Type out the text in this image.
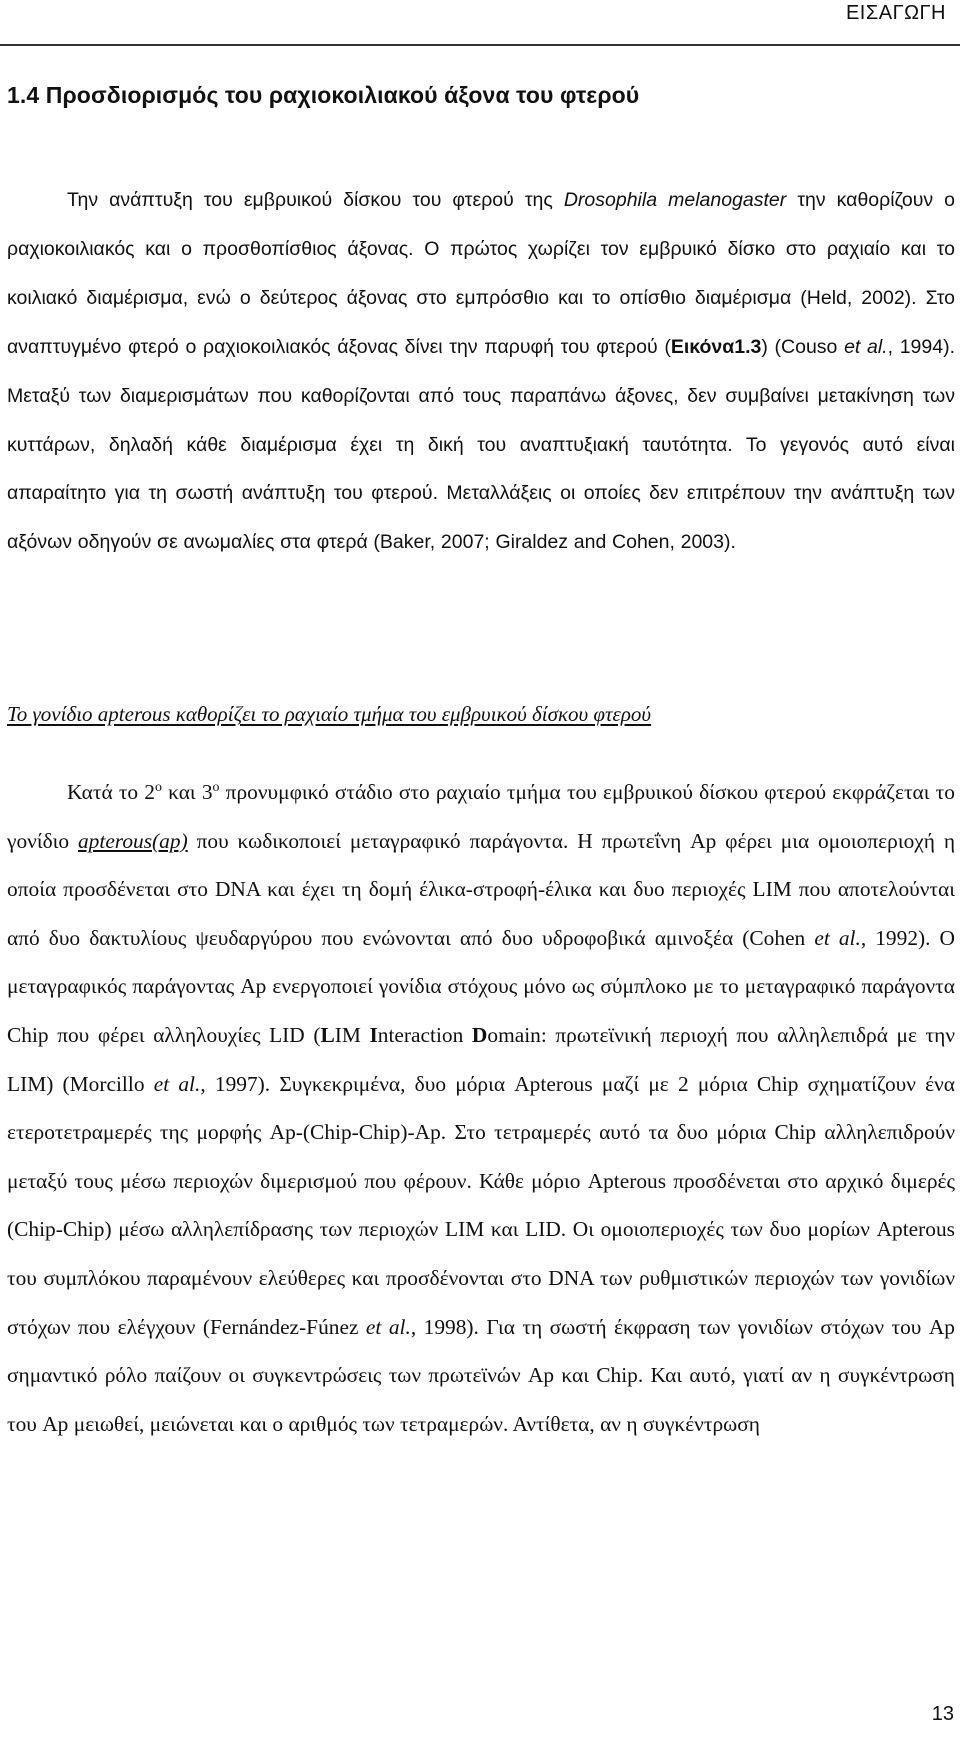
ΕΙΣΑΓΩΓΗ
1.4 Προσδιορισμός του ραχιοκοιλιακού άξονα του φτερού

Την ανάπτυξη του εμβρυικού δίσκου του φτερού της Drosophila melanogaster την καθορίζουν ο ραχιοκοιλιακός και ο προσθοπίσθιος άξονας. Ο πρώτος χωρίζει τον εμβρυικό δίσκο στο ραχιαίο και το κοιλιακό διαμέρισμα, ενώ ο δεύτερος άξονας στο εμπρόσθιο και το οπίσθιο διαμέρισμα (Held, 2002). Στο αναπτυγμένο φτερό ο ραχιοκοιλιακός άξονας δίνει την παρυφή του φτερού (Εικόνα1.3) (Couso et al., 1994). Μεταξύ των διαμερισμάτων που καθορίζονται από τους παραπάνω άξονες, δεν συμβαίνει μετακίνηση των κυττάρων, δηλαδή κάθε διαμέρισμα έχει τη δική του αναπτυξιακή ταυτότητα. Το γεγονός αυτό είναι απαραίτητο για τη σωστή ανάπτυξη του φτερού. Μεταλλάξεις οι οποίες δεν επιτρέπουν την ανάπτυξη των αξόνων οδηγούν σε ανωμαλίες στα φτερά (Baker, 2007; Giraldez and Cohen, 2003).

Το γονίδιο apterous καθορίζει το ραχιαίο τμήμα του εμβρυικού δίσκου φτερού

Κατά το $2^o$ και $3^o$ προνυμφικό στάδιο στο ραχιαίο τμήμα του εμβρυικού δίσκου φτερού εκφράζεται το γονίδιο apterous(ap) που κωδικοποιεί μεταγραφικό παράγοντα. Η πρωτεΐνη Ap φέρει μια ομοιοπεριοχή η οποία προσδένεται στο DNA και έχει τη δομή έλικα-στροφή-έλικα και δυο περιοχές LIM που αποτελούνται από δυο δακτυλίους ψευδαργύρου που ενώνονται από δυο υδροφοβικά αμινοξέα (Cohen et al., 1992). Ο μεταγραφικός παράγοντας Ap ενεργοποιεί γονίδια στόχους μόνο ως σύμπλοκο με το μεταγραφικό παράγοντα Chip που φέρει αλληλουχίες LID (LIM Interaction Domain: πρωτεϊνική περιοχή που αλληλεπιδρά με την LIM) (Morcillo et al., 1997). Συγκεκριμένα, δυο μόρια Apterous μαζί με 2 μόρια Chip σχηματίζουν ένα ετεροτετραμερές της μορφής Ap-(Chip-Chip)-Ap. Στο τετραμερές αυτό τα δυο μόρια Chip αλληλεπιδρούν μεταξύ τους μέσω περιοχών διμερισμού που φέρουν. Κάθε μόριο Apterous προσδένεται στο αρχικό διμερές (Chip-Chip) μέσω αλληλεπίδρασης των περιοχών LIM και LID. Οι ομοιοπεριοχές των δυο μορίων Apterous του συμπλόκου παραμένουν ελεύθερες και προσδένονται στο DNA των ρυθμιστικών περιοχών των γονιδίων στόχων που ελέγχουν (Fernández-Fúnez et al., 1998). Για τη σωστή έκφραση των γονιδίων στόχων του Ap σημαντικό ρόλο παίζουν οι συγκεντρώσεις των πρωτεϊνών Ap και Chip. Και αυτό, γιατί αν η συγκέντρωση του Ap μειωθεί, μειώνεται και ο αριθμός των τετραμερών. Αντίθετα, αν η συγκέντρωση

13
